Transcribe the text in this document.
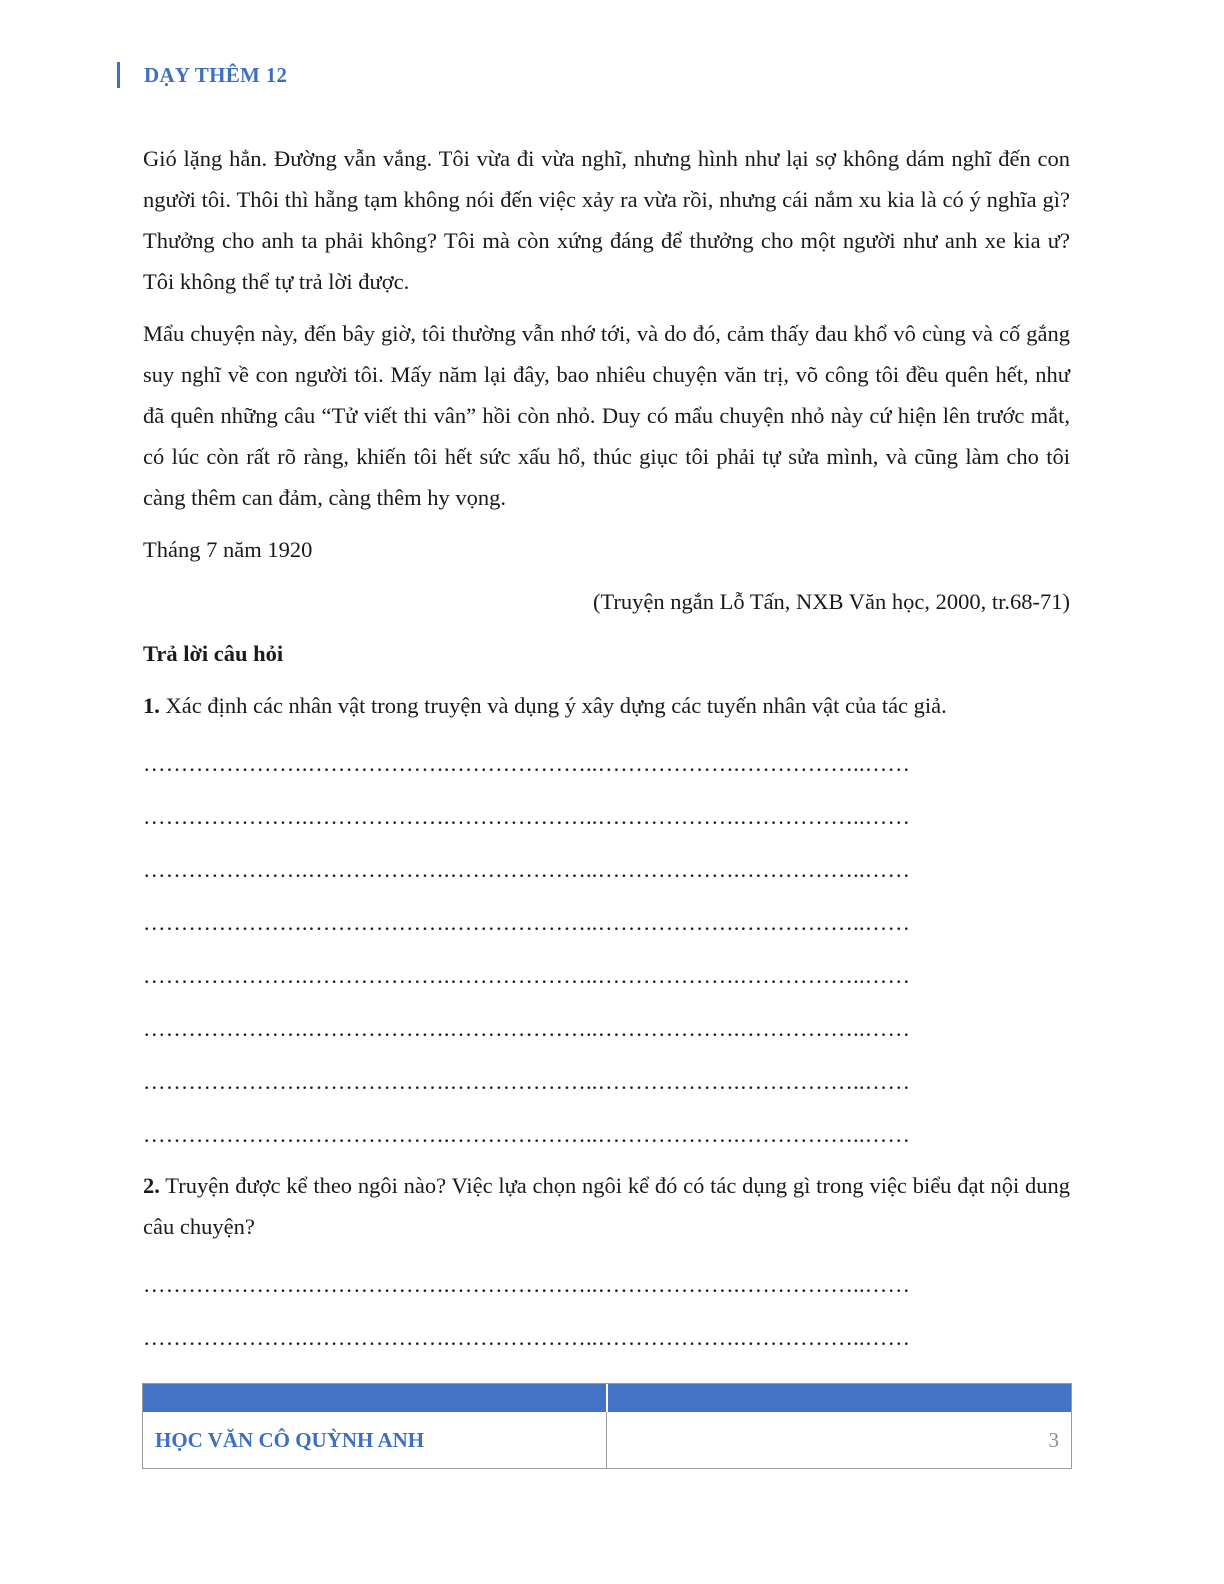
DẠY THÊM 12

Gió lặng hẳn. Đường vẫn vắng. Tôi vừa đi vừa nghĩ, nhưng hình như lại sợ không dám nghĩ đến con người tôi. Thôi thì hẵng tạm không nói đến việc xảy ra vừa rồi, nhưng cái nắm xu kia là có ý nghĩa gì? Thưởng cho anh ta phải không? Tôi mà còn xứng đáng để thưởng cho một người như anh xe kia ư? Tôi không thể tự trả lời được.

Mẩu chuyện này, đến bây giờ, tôi thường vẫn nhớ tới, và do đó, cảm thấy đau khổ vô cùng và cố gắng suy nghĩ về con người tôi. Mấy năm lại đây, bao nhiêu chuyện văn trị, võ công tôi đều quên hết, như đã quên những câu “Tử viết thi vân” hồi còn nhỏ. Duy có mẩu chuyện nhỏ này cứ hiện lên trước mắt, có lúc còn rất rõ ràng, khiến tôi hết sức xấu hổ, thúc giục tôi phải tự sửa mình, và cũng làm cho tôi càng thêm can đảm, càng thêm hy vọng.

Tháng 7 năm 1920

(Truyện ngắn Lỗ Tấn, NXB Văn học, 2000, tr.68-71)

Trả lời câu hỏi

1. Xác định các nhân vật trong truyện và dụng ý xây dựng các tuyến nhân vật của tác giả.

………………….……………….………………..……………….……………..……

………………….……………….………………..……………….……………..……

………………….……………….………………..……………….……………..……

………………….……………….………………..……………….……………..……

………………….……………….………………..……………….……………..……

………………….……………….………………..……………….……………..……

………………….……………….………………..……………….……………..……

………………….……………….………………..……………….……………..……

2. Truyện được kể theo ngôi nào? Việc lựa chọn ngôi kể đó có tác dụng gì trong việc biểu đạt nội dung câu chuyện?

………………….……………….………………..……………….……………..……

………………….……………….………………..……………….……………..……

HỌC VĂN CÔ QUỲNH ANH	3
